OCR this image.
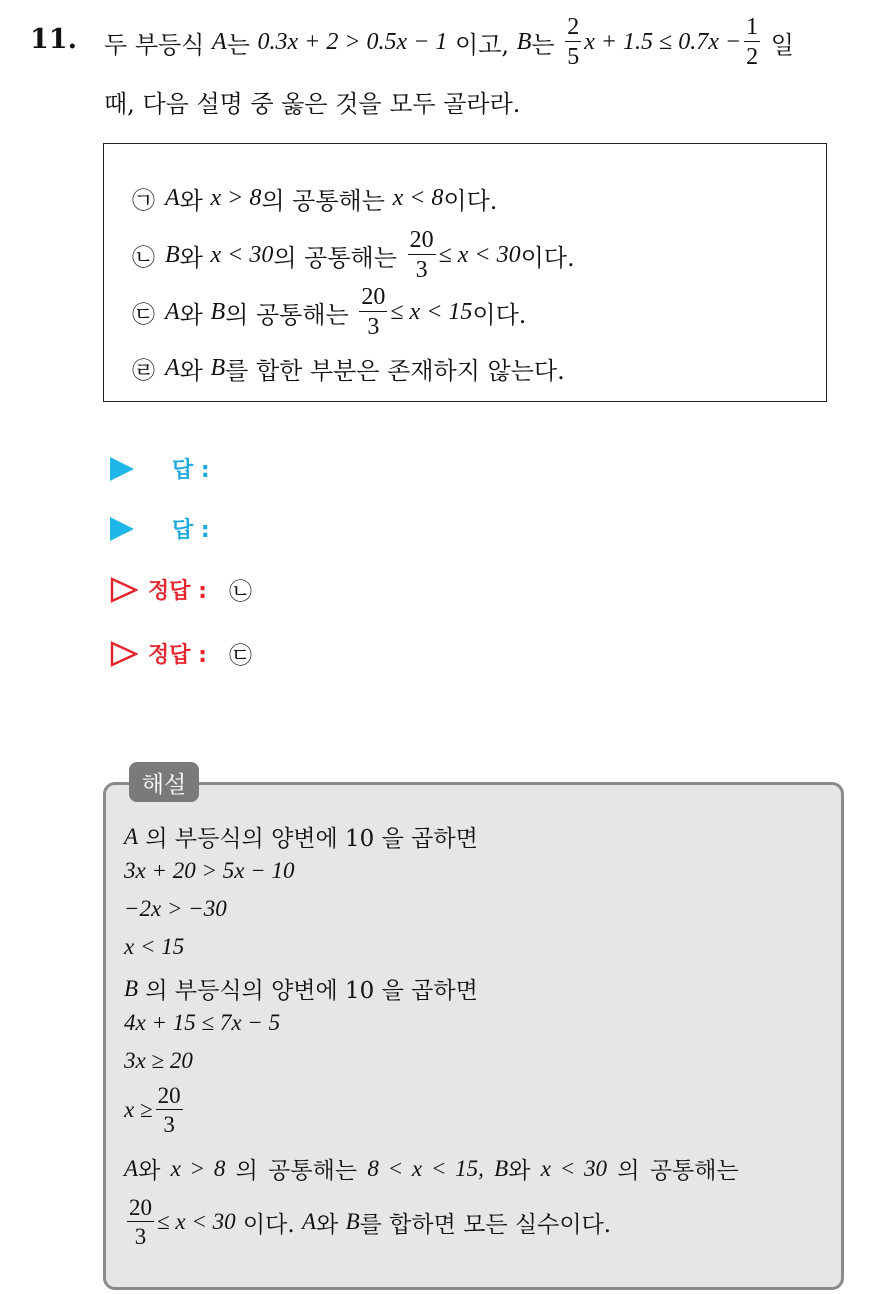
11. 두 부등식
A 는
0.3x + 2 > 0.5x − 1
이고,
B 는
$\frac{2}{5}$ $x + 1.5 \le 0.7x - \frac{1}{2}$
일
때, 다음 설명 중 옳은 것을 모두 골라라.
㉠ A 와
x > 8 의 공통해는
x < 8 이다.
㉡ B 와
x < 30 의 공통해는
$\frac{20}{3} \le x < 30$ 이다.
㉢ A 와
B 의 공통해는
$\frac{20}{3} \le x < 15$ 이다.
㉣ A 와
B 를 합한 부분은 존재하지 않는다.
답 :
답 :
정답 : ㉡
정답 : ㉢
해설
A
의 부등식의 양변에 10 을 곱하면
3x + 20 > 5x − 10
−2x > −30
x < 15
B
의 부등식의 양변에 10 을 곱하면
4x + 15 ≤ 7x − 5
3x ≥ 20
$x \ge \frac{20}{3}$
A 와
x > 8
의 공통해는
8 < x < 15,
B 와
x < 30
의 공통해는
$\frac{20}{3} \le x < 30$
이다.
A 와
B 를 합하면 모든 실수이다.
